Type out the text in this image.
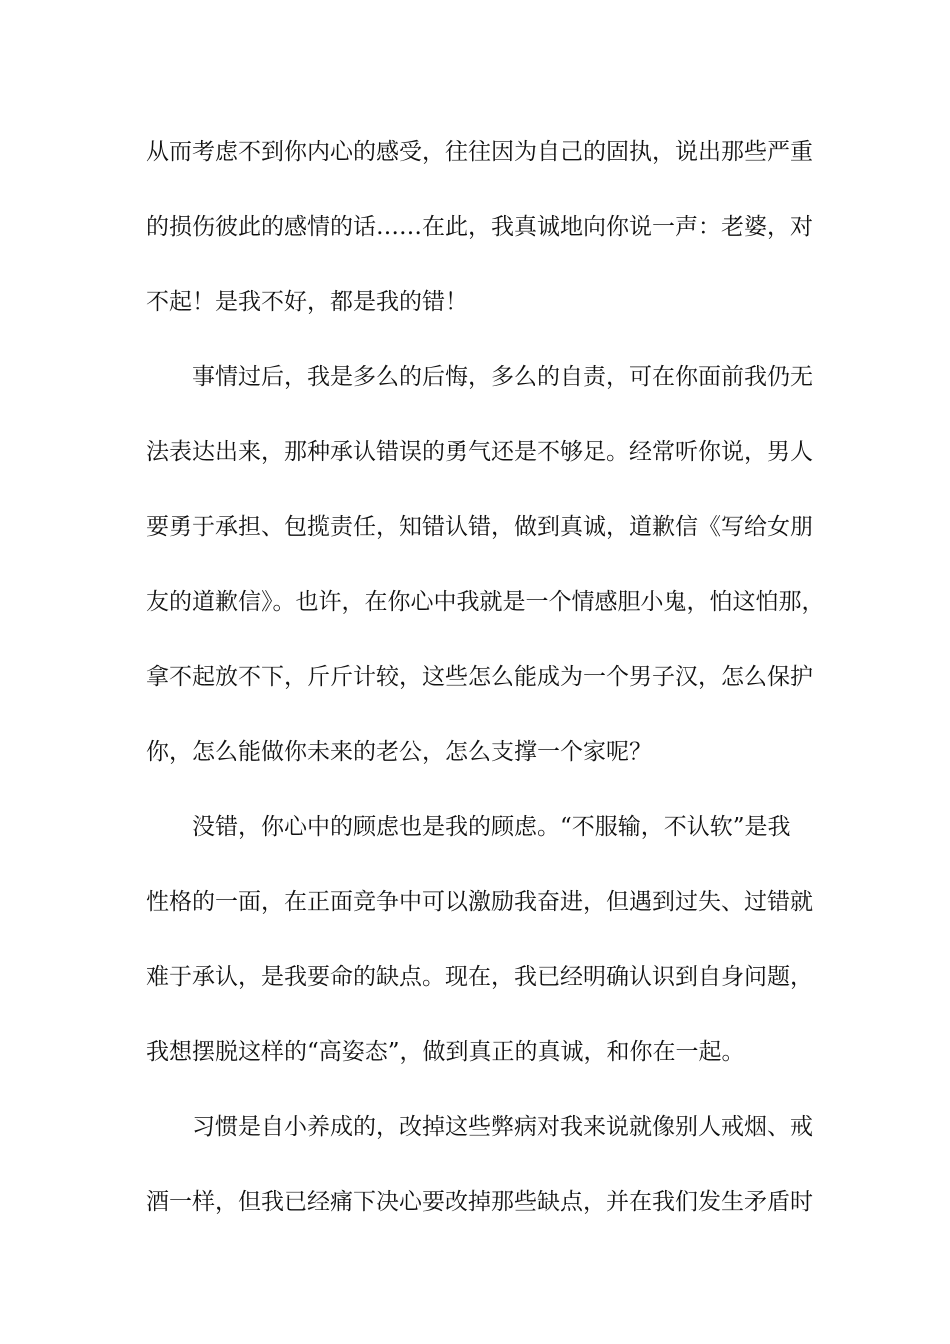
从而考虑不到你内心的感受，往往因为自己的固执，说出那些严重
的损伤彼此的感情的话……在此，我真诚地向你说一声：老婆，对
不起！是我不好，都是我的错！
事情过后，我是多么的后悔，多么的自责，可在你面前我仍无
法表达出来，那种承认错误的勇气还是不够足。经常听你说，男人
要勇于承担、包揽责任，知错认错，做到真诚，道歉信《写给女朋
友的道歉信》。也许，在你心中我就是一个情感胆小鬼，怕这怕那，
拿不起放不下，斤斤计较，这些怎么能成为一个男子汉，怎么保护
你，怎么能做你未来的老公，怎么支撑一个家呢？
没错，你心中的顾虑也是我的顾虑。“不服输，不认软”是我
性格的一面，在正面竞争中可以激励我奋进，但遇到过失、过错就
难于承认，是我要命的缺点。现在，我已经明确认识到自身问题，
我想摆脱这样的“高姿态”，做到真正的真诚，和你在一起。
习惯是自小养成的，改掉这些弊病对我来说就像别人戒烟、戒
酒一样，但我已经痛下决心要改掉那些缺点，并在我们发生矛盾时
